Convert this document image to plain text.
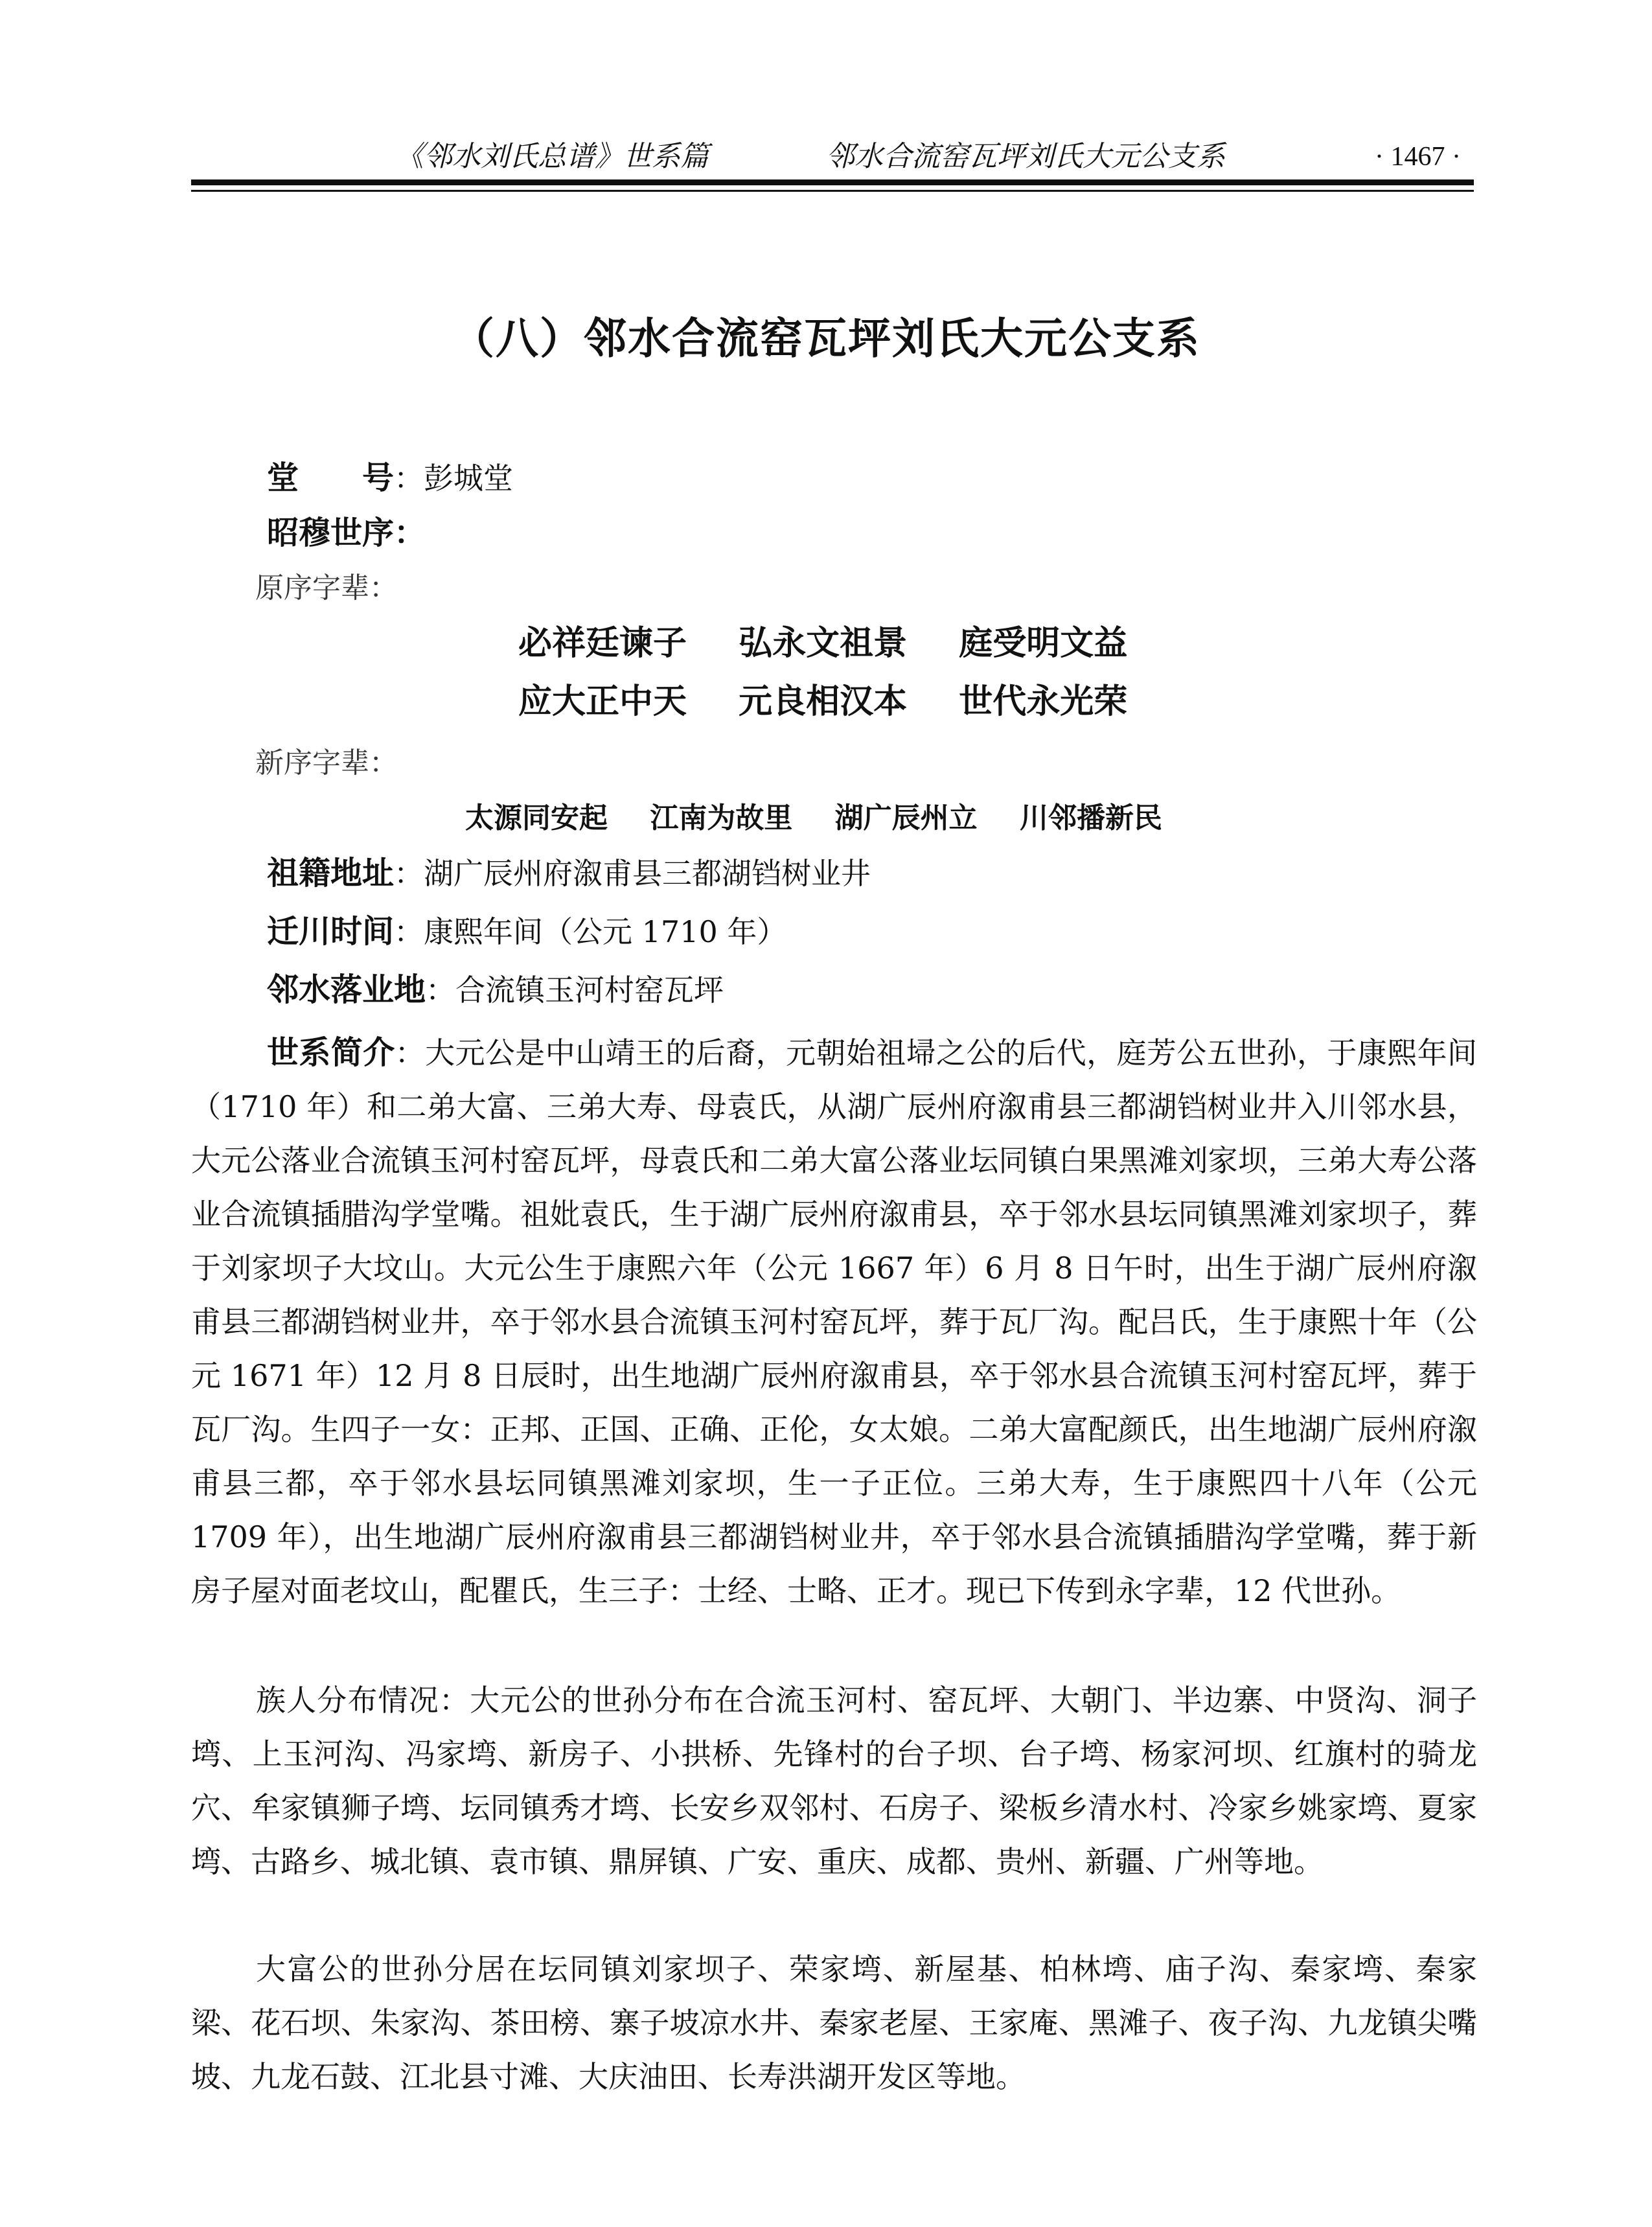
《邻水刘氏总谱》世系篇	邻水合流窑瓦坪刘氏大元公支系	· 1467 ·
（八）邻水合流窑瓦坪刘氏大元公支系
堂　　号：彭城堂
昭穆世序：
原序字辈：
必祥廷谏子 弘永文祖景 庭受明文益
应大正中天 元良相汉本 世代永光荣
新序字辈：
太源同安起 江南为故里 湖广辰州立 川邻播新民
祖籍地址：湖广辰州府溆甫县三都湖铛树业井
迁川时间：康熙年间（公元 1710 年）
邻水落业地：合流镇玉河村窑瓦坪

世系简介：大元公是中山靖王的后裔，元朝始祖埽之公的后代，庭芳公五世孙，于康熙年间（1710 年）和二弟大富、三弟大寿、母袁氏，从湖广辰州府溆甫县三都湖铛树业井入川邻水县，大元公落业合流镇玉河村窑瓦坪，母袁氏和二弟大富公落业坛同镇白果黑滩刘家坝，三弟大寿公落业合流镇插腊沟学堂嘴。祖妣袁氏，生于湖广辰州府溆甫县，卒于邻水县坛同镇黑滩刘家坝子，葬于刘家坝子大坟山。大元公生于康熙六年（公元 1667 年）6 月 8 日午时，出生于湖广辰州府溆甫县三都湖铛树业井，卒于邻水县合流镇玉河村窑瓦坪，葬于瓦厂沟。配吕氏，生于康熙十年（公元 1671 年）12 月 8 日辰时，出生地湖广辰州府溆甫县，卒于邻水县合流镇玉河村窑瓦坪，葬于瓦厂沟。生四子一女：正邦、正国、正确、正伦，女太娘。二弟大富配颜氏，出生地湖广辰州府溆甫县三都，卒于邻水县坛同镇黑滩刘家坝，生一子正位。三弟大寿，生于康熙四十八年（公元 1709 年），出生地湖广辰州府溆甫县三都湖铛树业井，卒于邻水县合流镇插腊沟学堂嘴，葬于新房子屋对面老坟山，配瞿氏，生三子：士经、士略、正才。现已下传到永字辈，12 代世孙。

族人分布情况：大元公的世孙分布在合流玉河村、窑瓦坪、大朝门、半边寨、中贤沟、洞子塆、上玉河沟、冯家塆、新房子、小拱桥、先锋村的台子坝、台子塆、杨家河坝、红旗村的骑龙穴、牟家镇狮子塆、坛同镇秀才塆、长安乡双邻村、石房子、梁板乡清水村、冷家乡姚家塆、夏家塆、古路乡、城北镇、袁市镇、鼎屏镇、广安、重庆、成都、贵州、新疆、广州等地。

大富公的世孙分居在坛同镇刘家坝子、荣家塆、新屋基、柏林塆、庙子沟、秦家塆、秦家梁、花石坝、朱家沟、茶田榜、寨子坡凉水井、秦家老屋、王家庵、黑滩子、夜子沟、九龙镇尖嘴坡、九龙石鼓、江北县寸滩、大庆油田、长寿洪湖开发区等地。
